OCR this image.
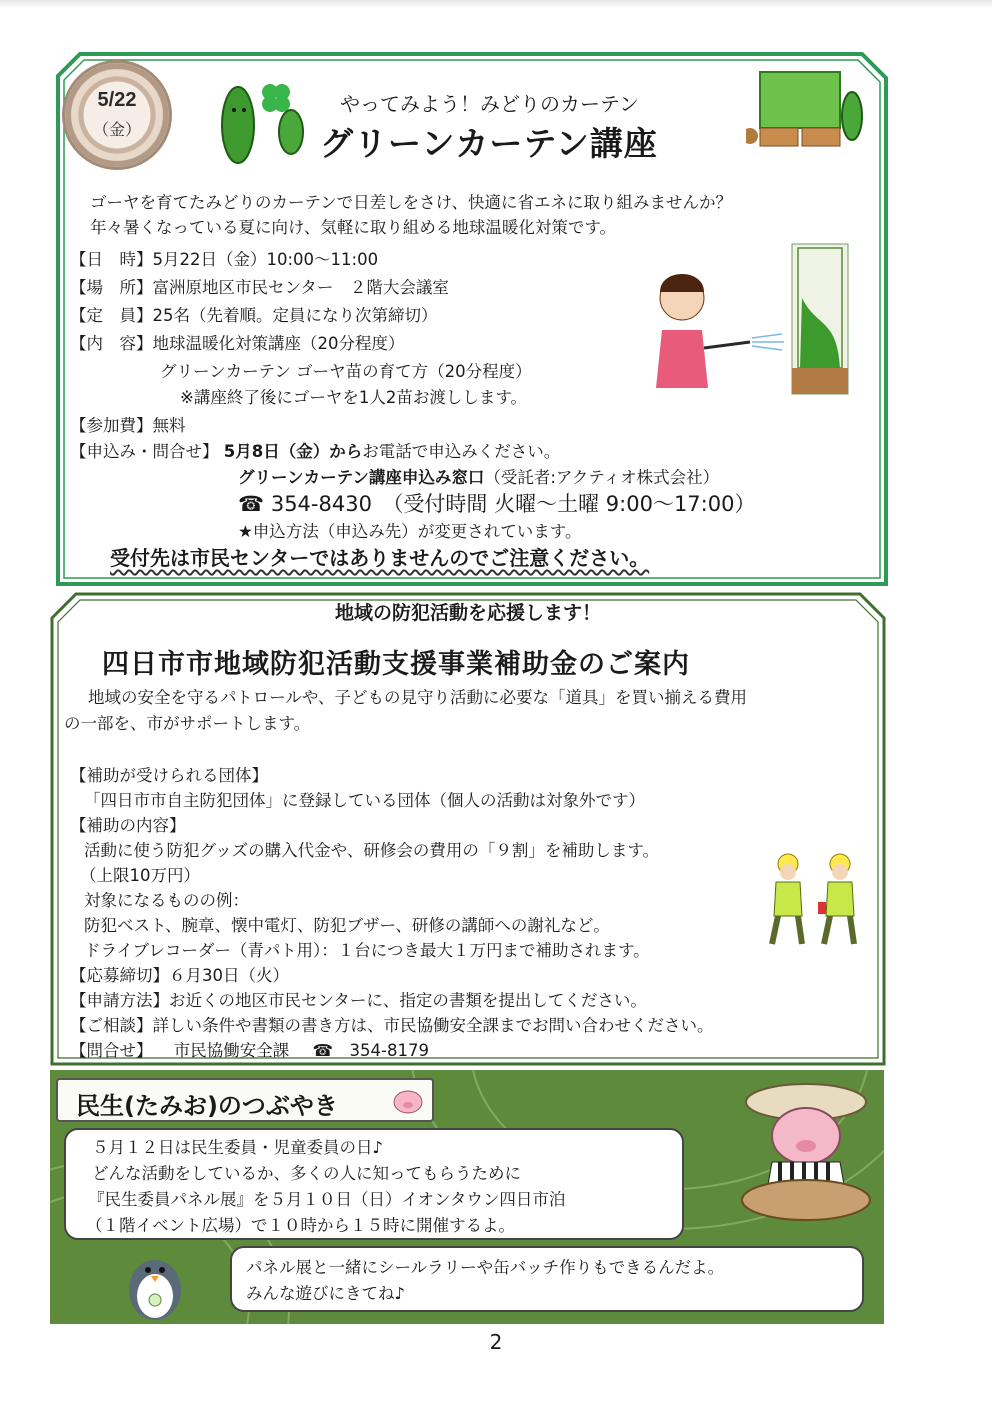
5/22
（金）
やってみよう！みどりのカーテン
グリーンカーテン講座
ゴーヤを育てたみどりのカーテンで日差しをさけ、快適に省エネに取り組みませんか？
年々暑くなっている夏に向け、気軽に取り組める地球温暖化対策です。
【日　時】5月22日（金）10:00～11:00
【場　所】富洲原地区市民センター　２階大会議室
【定　員】25名（先着順。定員になり次第締切）
【内　容】地球温暖化対策講座（20分程度）
グリーンカーテン ゴーヤ苗の育て方（20分程度）
※講座終了後にゴーヤを1人2苗お渡しします。
【参加費】無料
【申込み・問合せ】 5月8日（金）からお電話で申込みください。
グリーンカーテン講座申込み窓口（受託者:アクティオ株式会社）
☎ 354-8430　（受付時間 火曜～土曜 9:00～17:00）
★申込方法（申込み先）が変更されています。
受付先は市民センターではありませんのでご注意ください。
地域の防犯活動を応援します！
四日市市地域防犯活動支援事業補助金のご案内
地域の安全を守るパトロールや、子どもの見守り活動に必要な「道具」を買い揃える費用
の一部を、市がサポートします。
【補助が受けられる団体】
「四日市市自主防犯団体」に登録している団体（個人の活動は対象外です）
【補助の内容】
活動に使う防犯グッズの購入代金や、研修会の費用の「９割」を補助します。
（上限10万円）
対象になるものの例：
防犯ベスト、腕章、懐中電灯、防犯ブザー、研修の講師への謝礼など。
ドライブレコーダー（青パト用）：１台につき最大１万円まで補助されます。
【応募締切】６月30日（火）
【申請方法】お近くの地区市民センターに、指定の書類を提出してください。
【ご相談】詳しい条件や書類の書き方は、市民協働安全課までお問い合わせください。
【問合せ】 市民協働安全課 ☎　354-8179
民生(たみお)のつぶやき
５月１２日は民生委員・児童委員の日♪
どんな活動をしているか、多くの人に知ってもらうために
『民生委員パネル展』を５月１０日（日）イオンタウン四日市泊
（１階イベント広場）で１０時から１５時に開催するよ。
パネル展と一緒にシールラリーや缶バッチ作りもできるんだよ。
みんな遊びにきてね♪
2
